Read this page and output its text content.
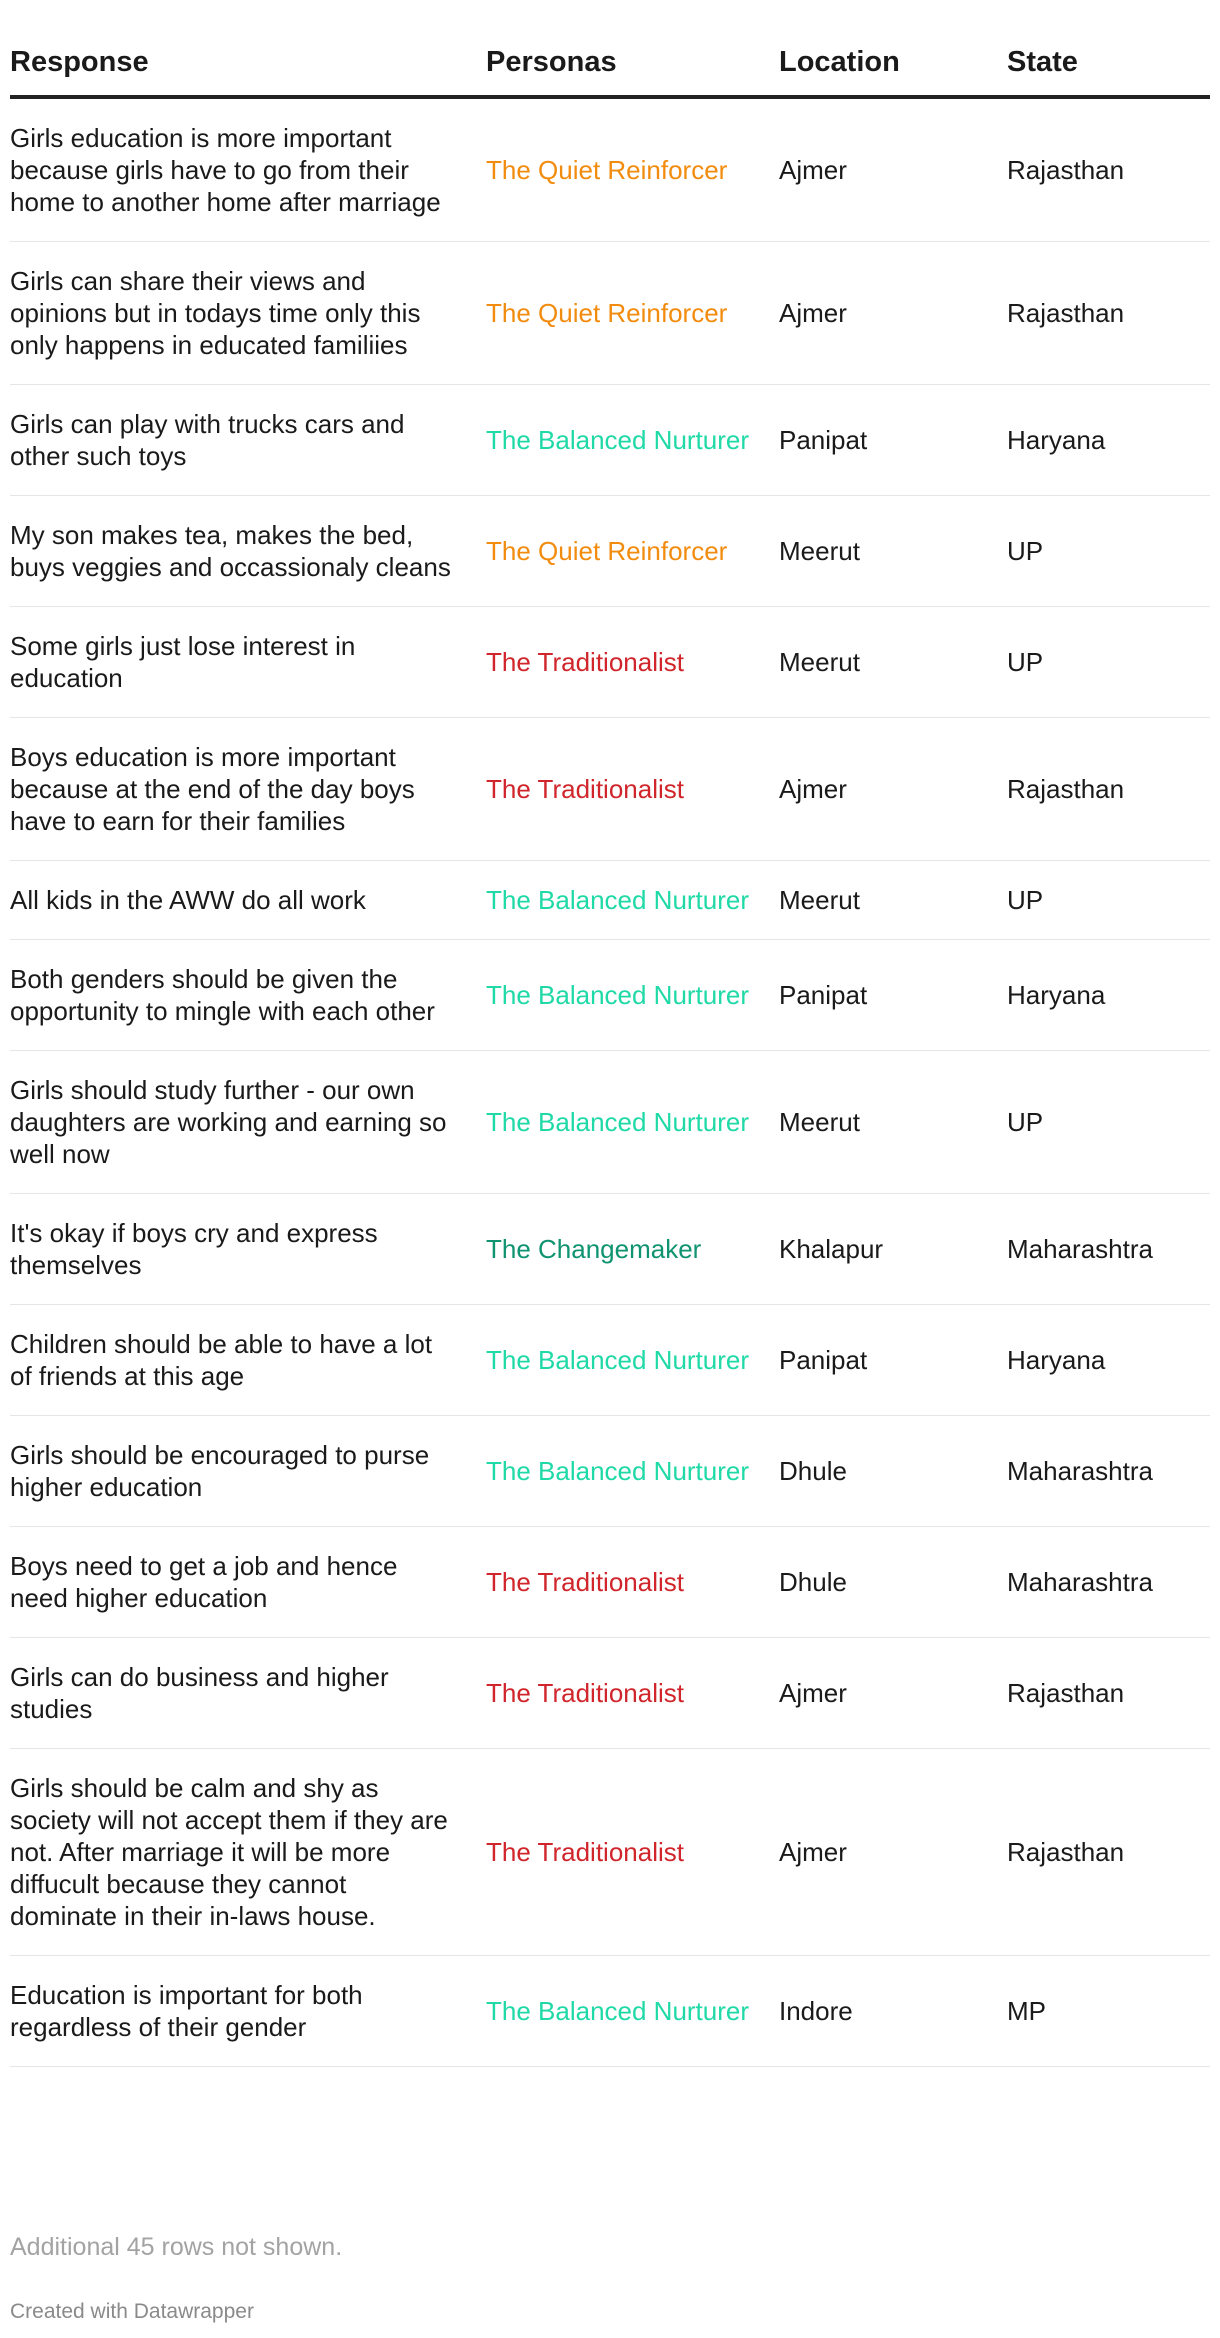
Response	Personas	Location	State
Girls education is more important because girls have to go from their home to another home after marriage	The Quiet Reinforcer	Ajmer	Rajasthan
Girls can share their views and opinions but in todays time only this only happens in educated familiies	The Quiet Reinforcer	Ajmer	Rajasthan
Girls can play with trucks cars and other such toys	The Balanced Nurturer	Panipat	Haryana
My son makes tea, makes the bed, buys veggies and occassionaly cleans	The Quiet Reinforcer	Meerut	UP
Some girls just lose interest in education	The Traditionalist	Meerut	UP
Boys education is more important because at the end of the day boys have to earn for their families	The Traditionalist	Ajmer	Rajasthan
All kids in the AWW do all work	The Balanced Nurturer	Meerut	UP
Both genders should be given the opportunity to mingle with each other	The Balanced Nurturer	Panipat	Haryana
Girls should study further - our own daughters are working and earning so well now	The Balanced Nurturer	Meerut	UP
It's okay if boys cry and express themselves	The Changemaker	Khalapur	Maharashtra
Children should be able to have a lot of friends at this age	The Balanced Nurturer	Panipat	Haryana
Girls should be encouraged to purse higher education	The Balanced Nurturer	Dhule	Maharashtra
Boys need to get a job and hence need higher education	The Traditionalist	Dhule	Maharashtra
Girls can do business and higher studies	The Traditionalist	Ajmer	Rajasthan
Girls should be calm and shy as society will not accept them if they are not. After marriage it will be more diffucult because they cannot dominate in their in-laws house.	The Traditionalist	Ajmer	Rajasthan
Education is important for both regardless of their gender	The Balanced Nurturer	Indore	MP
Additional 45 rows not shown.
Created with Datawrapper
